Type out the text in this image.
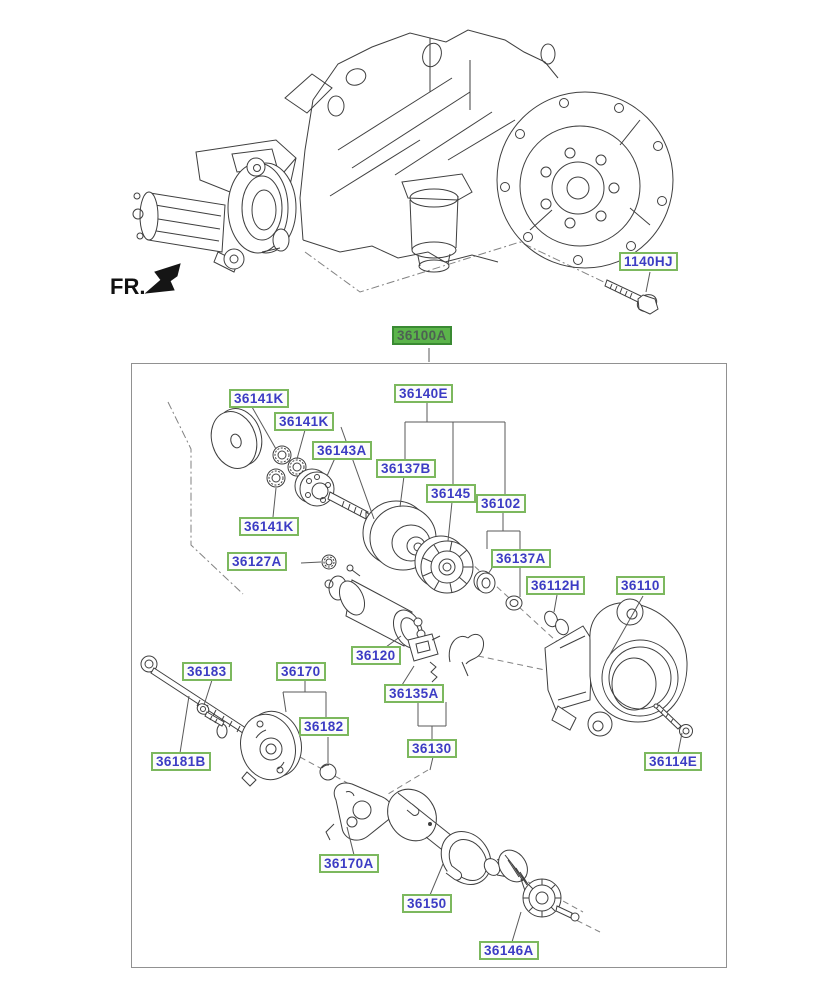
FR.
1140HJ
36100A
36141K
36141K
36140E
36143A
36137B
36145
36102
36141K
36137A
36112H	36110
36127A
36120
36183	36170
36182
36135A
36130
36181B	36114E
36170A
36150
36146A
